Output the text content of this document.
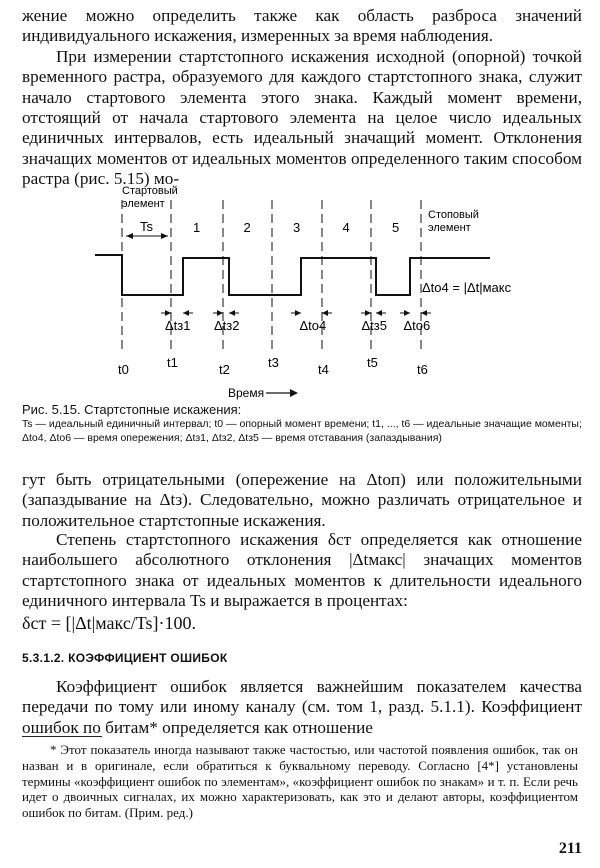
жение можно определить также как область разброса значений индивидуального искажения, измеренных за время наблюдения.

При измерении стартстопного искажения исходной (опорной) точкой временного растра, образуемого для каждого стартстопного знака, служит начало стартового элемента этого знака. Каждый момент времени, отстоящий от начала стартового элемента на целое число идеальных единичных интервалов, есть идеальный значащий момент. Отклонения значащих моментов от идеальных моментов определенного таким способом растра (рис. 5.15) мо-

Стартовый
элемент
Стоповый
элемент
Ts	1	2	3	4	5
Δtз1 Δtз2	Δtо4	Δtз5 Δtо6
Δtо4 = |Δt|макс
t0	t1	t2	t3	t4	t5	t6
Время
Рис. 5.15. Стартстопные искажения:
Ts — идеальный единичный интервал; t0 — опорный момент времени; t1, ..., t6 — идеальные значащие моменты; Δtо4, Δtо6 — время опережения; Δtз1, Δtз2, Δtз5 — время отставания (запаздывания)
гут быть отрицательными (опережение на Δtоп) или положительными (запаздывание на Δtз). Следовательно, можно различать отрицательное и положительное стартстопные искажения.

Степень стартстопного искажения δст определяется как отношение наибольшего абсолютного отклонения |Δtмакс| значащих моментов стартстопного знака от идеальных моментов к длительности идеального единичного интервала Ts и выражается в процентах:

δст = [|Δt|макс/Ts]·100.
5.3.1.2. КОЭФФИЦИЕНТ ОШИБОК

Коэффициент ошибок является важнейшим показателем качества передачи по тому или иному каналу (см. том 1, разд. 5.1.1). Коэффициент ошибок по битам* определяется как отношение

* Этот показатель иногда называют также частостью, или частотой появления ошибок, так он назван и в оригинале, если обратиться к буквальному переводу. Согласно [4*] установлены термины «коэффициент ошибок по элементам», «коэффициент ошибок по знакам» и т. п. Если речь идет о двоичных сигналах, их можно характеризовать, как это и делают авторы, коэффициентом ошибок по битам. (Прим. ред.)

211
